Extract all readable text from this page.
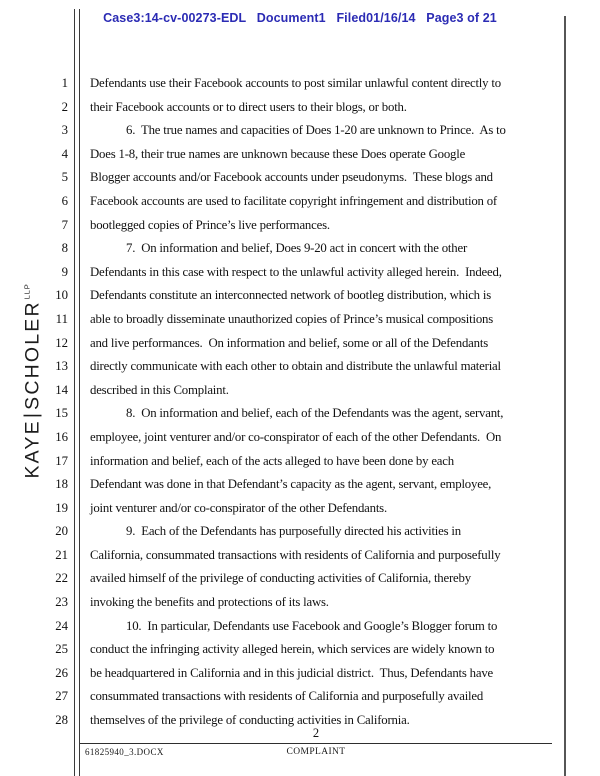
Case3:14-cv-00273-EDL   Document1   Filed01/16/14   Page3 of 21
$KAYE|SCHOLER^{LLP}$
1
2
3
4
5
6
7
8
9
10
11
12
13
14
15
16
17
18
19
20
21
22
23
24
25
26
27
28
Defendants use their Facebook accounts to post similar unlawful content directly to
their Facebook accounts or to direct users to their blogs, or both.
6.  The true names and capacities of Does 1-20 are unknown to Prince.  As to
Does 1-8, their true names are unknown because these Does operate Google
Blogger accounts and/or Facebook accounts under pseudonyms.  These blogs and
Facebook accounts are used to facilitate copyright infringement and distribution of
bootlegged copies of Prince’s live performances.
7.  On information and belief, Does 9-20 act in concert with the other
Defendants in this case with respect to the unlawful activity alleged herein.  Indeed,
Defendants constitute an interconnected network of bootleg distribution, which is
able to broadly disseminate unauthorized copies of Prince’s musical compositions
and live performances.  On information and belief, some or all of the Defendants
directly communicate with each other to obtain and distribute the unlawful material
described in this Complaint.
8.  On information and belief, each of the Defendants was the agent, servant,
employee, joint venturer and/or co-conspirator of each of the other Defendants.  On
information and belief, each of the acts alleged to have been done by each
Defendant was done in that Defendant’s capacity as the agent, servant, employee,
joint venturer and/or co-conspirator of the other Defendants.
9.  Each of the Defendants has purposefully directed his activities in
California, consummated transactions with residents of California and purposefully
availed himself of the privilege of conducting activities of California, thereby
invoking the benefits and protections of its laws.
10.  In particular, Defendants use Facebook and Google’s Blogger forum to
conduct the infringing activity alleged herein, which services are widely known to
be headquartered in California and in this judicial district.  Thus, Defendants have
consummated transactions with residents of California and purposefully availed
themselves of the privilege of conducting activities in California.
2
61825940_3.DOCX	COMPLAINT
